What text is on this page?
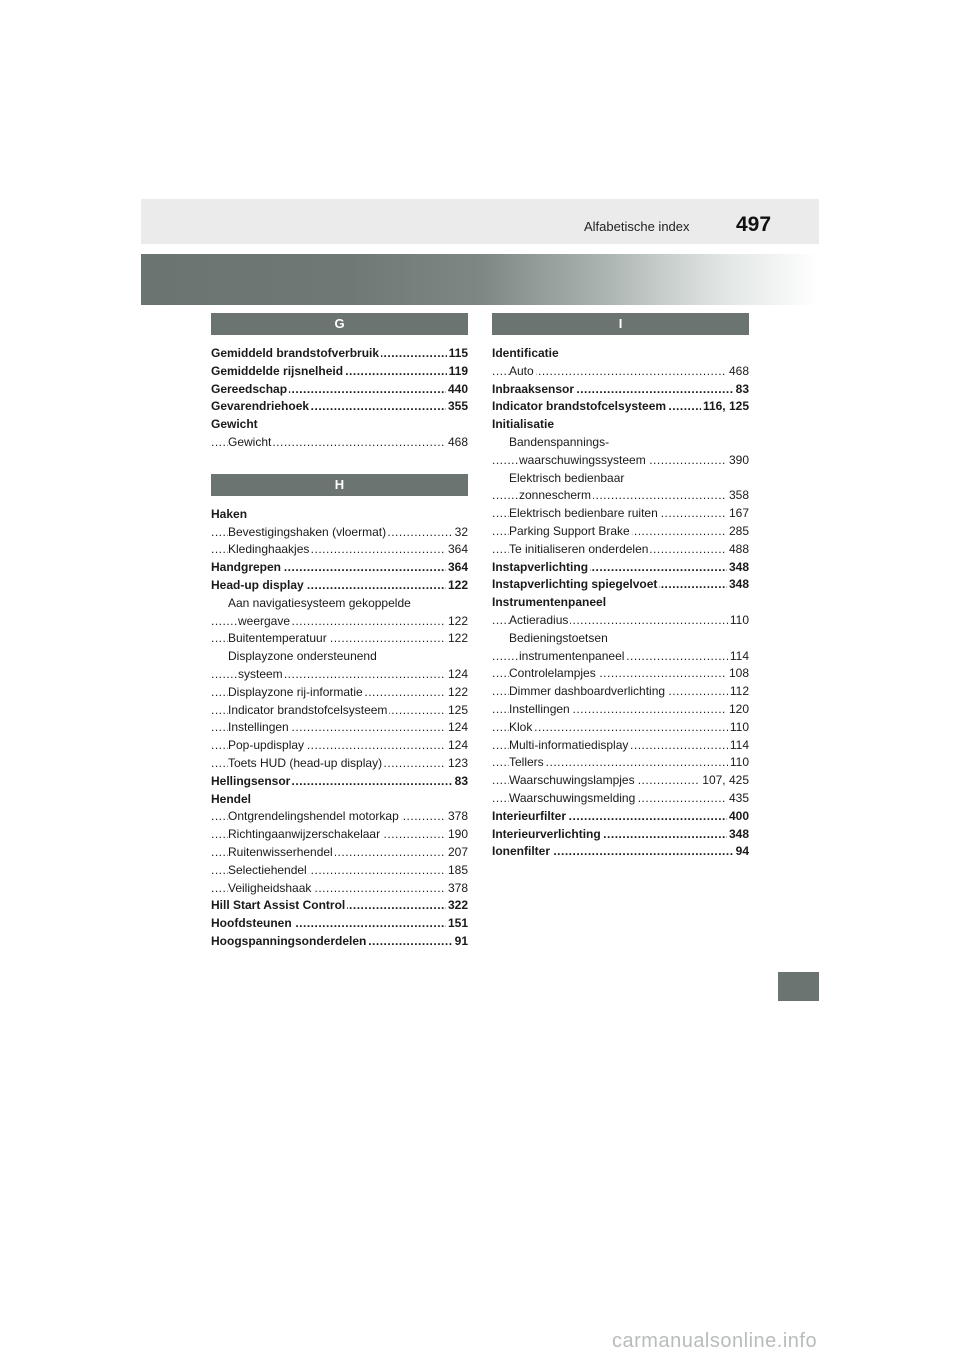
Alfabetische index 497
G
..... Gemiddeld brandstofverbruik	115
..... Gemiddelde rijsnelheid	119
..... Gereedschap	440
..... Gevarendriehoek	355
Gewicht
..... Gewicht	468
H
Haken
..... Bevestigingshaken (vloermat)	32
..... Kledinghaakjes	364
..... Handgrepen	364
..... Head-up display	122
Aan navigatiesysteem gekoppelde
..... weergave	122
..... Buitentemperatuur	122
Displayzone ondersteunend
..... systeem	124
..... Displayzone rij-informatie	122
..... Indicator brandstofcelsysteem	125
..... Instellingen	124
..... Pop-updisplay	124
..... Toets HUD (head-up display)	123
..... Hellingsensor	83
Hendel
..... Ontgrendelingshendel motorkap	378
..... Richtingaanwijzerschakelaar	190
..... Ruitenwisserhendel	207
..... Selectiehendel	185
..... Veiligheidshaak	378
..... Hill Start Assist Control	322
..... Hoofdsteunen	151
..... Hoogspanningsonderdelen	91
I
Identificatie
..... Auto	468
..... Inbraaksensor	83
..... Indicator brandstofcelsysteem	116, 125
Initialisatie
Bandenspannings-
..... waarschuwingssysteem	390
Elektrisch bedienbaar
..... zonnescherm	358
..... Elektrisch bedienbare ruiten	167
..... Parking Support Brake	285
..... Te initialiseren onderdelen	488
..... Instapverlichting	348
..... Instapverlichting spiegelvoet	348
Instrumentenpaneel
..... Actieradius	110
Bedieningstoetsen
..... instrumentenpaneel	114
..... Controlelampjes	108
..... Dimmer dashboardverlichting	112
..... Instellingen	120
..... Klok	110
..... Multi-informatiedisplay	114
..... Tellers	110
..... Waarschuwingslampjes	107, 425
..... Waarschuwingsmelding	435
..... Interieurfilter	400
..... Interieurverlichting	348
..... Ionenfilter	94
carmanualsonline.info
